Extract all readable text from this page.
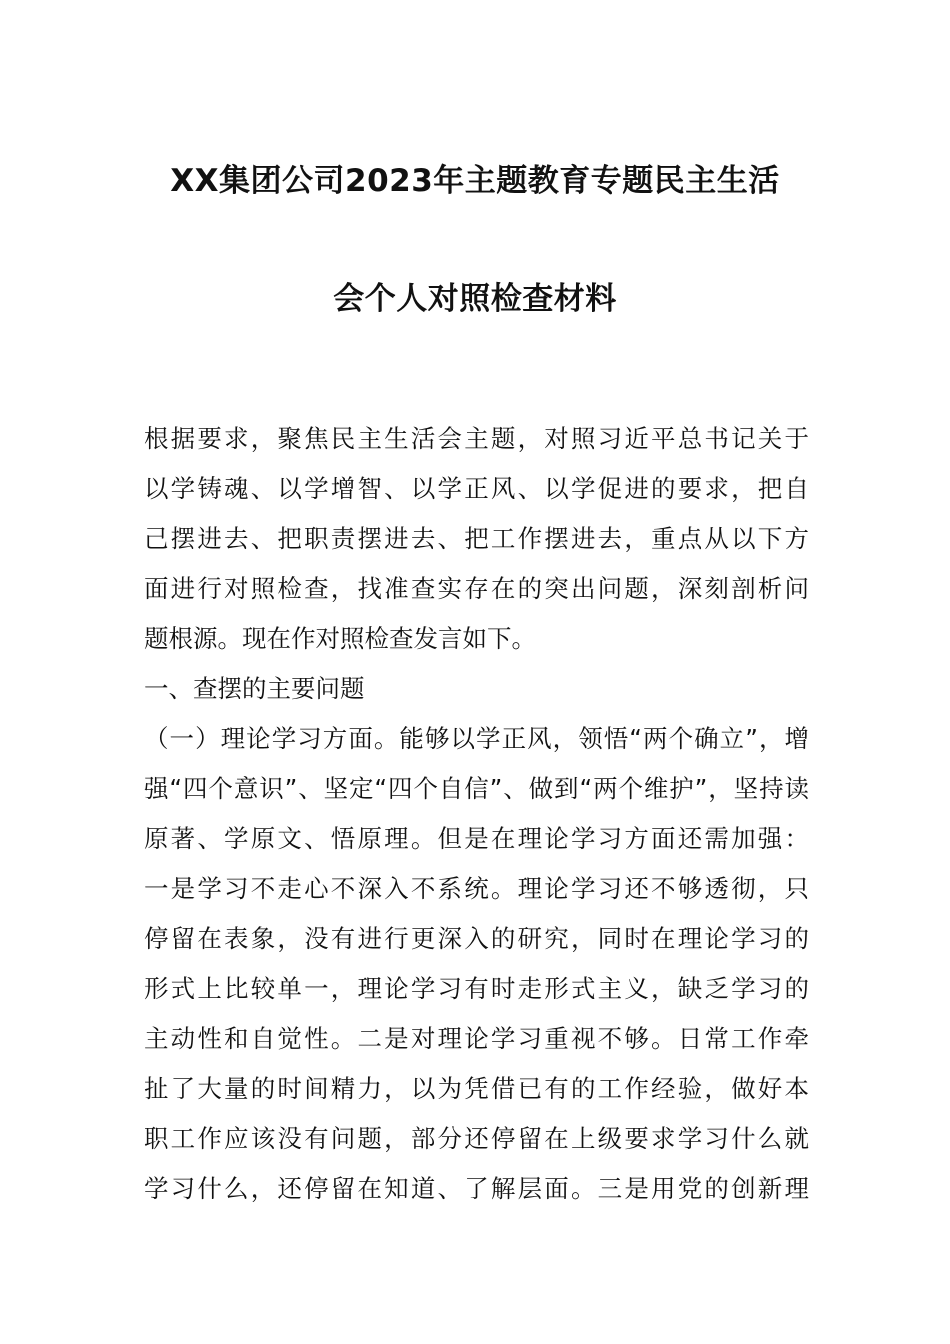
XX集团公司2023年主题教育专题民主生活
会个人对照检查材料
根据要求，聚焦民主生活会主题，对照习近平总书记关于
以学铸魂、以学增智、以学正风、以学促进的要求，把自
己摆进去、把职责摆进去、把工作摆进去，重点从以下方
面进行对照检查，找准查实存在的突出问题，深刻剖析问
题根源。现在作对照检查发言如下。
一、查摆的主要问题
（一）理论学习方面。能够以学正风，领悟“两个确立”，增
强“四个意识”、坚定“四个自信”、做到“两个维护”，坚持读
原著、学原文、悟原理。但是在理论学习方面还需加强：
一是学习不走心不深入不系统。理论学习还不够透彻，只
停留在表象，没有进行更深入的研究，同时在理论学习的
形式上比较单一，理论学习有时走形式主义，缺乏学习的
主动性和自觉性。二是对理论学习重视不够。日常工作牵
扯了大量的时间精力，以为凭借已有的工作经验，做好本
职工作应该没有问题，部分还停留在上级要求学习什么就
学习什么，还停留在知道、了解层面。三是用党的创新理
